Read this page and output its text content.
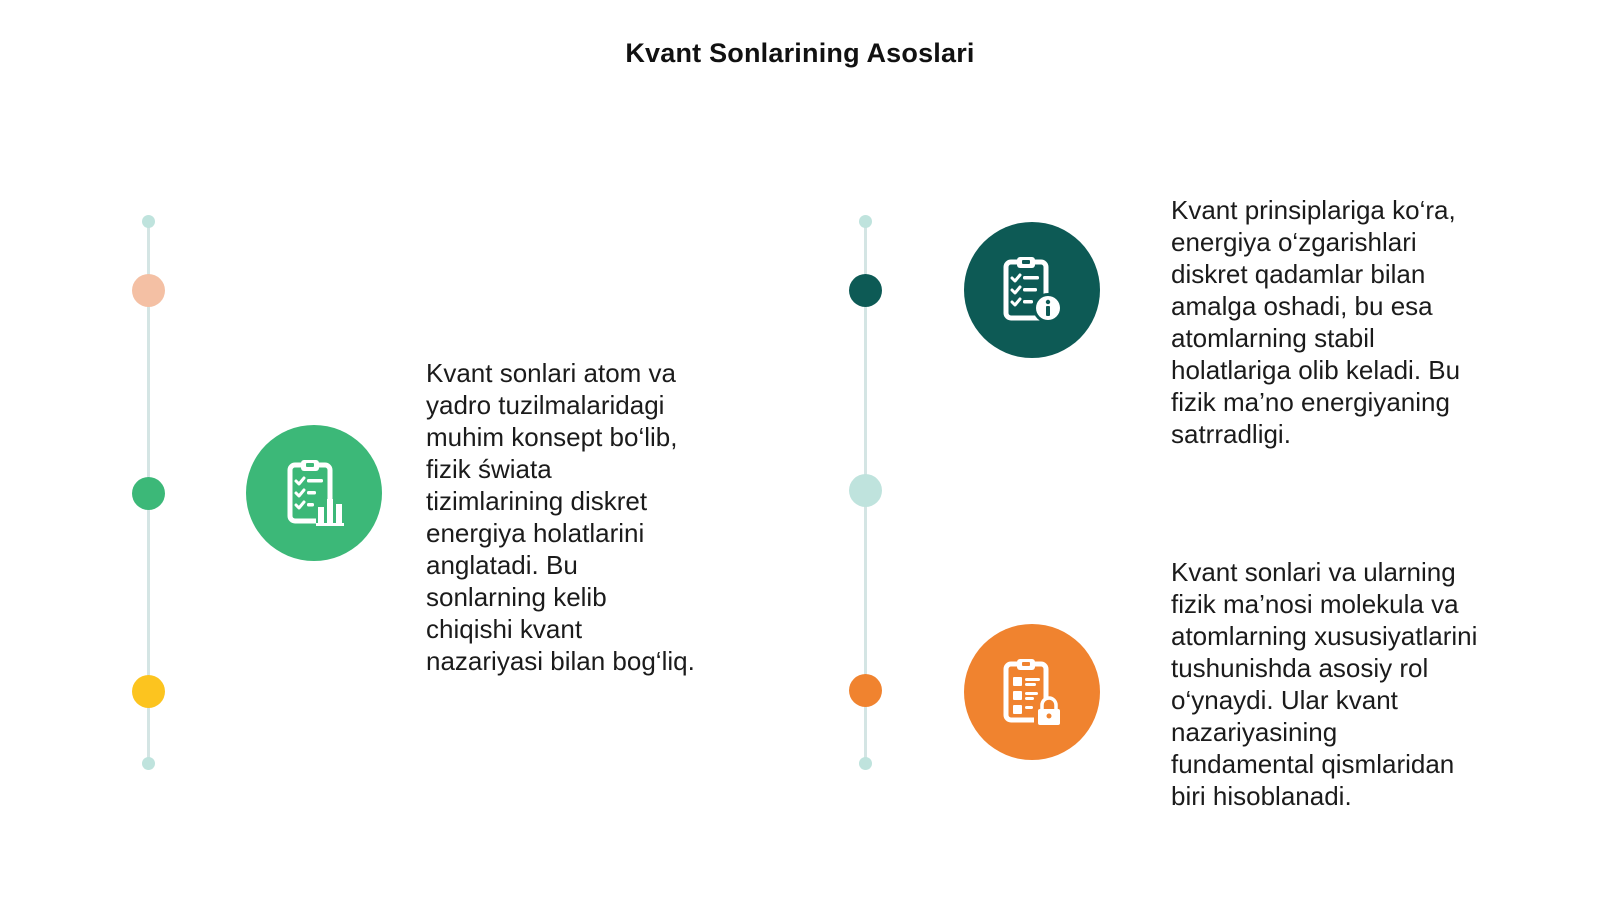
Kvant Sonlarining Asoslari
Kvant sonlari atom va
yadro tuzilmalaridagi
muhim konsept bo‘lib,
fizik świata
tizimlarining diskret
energiya holatlarini
anglatadi. Bu
sonlarning kelib
chiqishi kvant
nazariyasi bilan bog‘liq.
Kvant prinsiplariga ko‘ra,
energiya o‘zgarishlari
diskret qadamlar bilan
amalga oshadi, bu esa
atomlarning stabil
holatlariga olib keladi. Bu
fizik ma’no energiyaning
satrradligi.
Kvant sonlari va ularning
fizik ma’nosi molekula va
atomlarning xususiyatlarini
tushunishda asosiy rol
o‘ynaydi. Ular kvant
nazariyasining
fundamental qismlaridan
biri hisoblanadi.
